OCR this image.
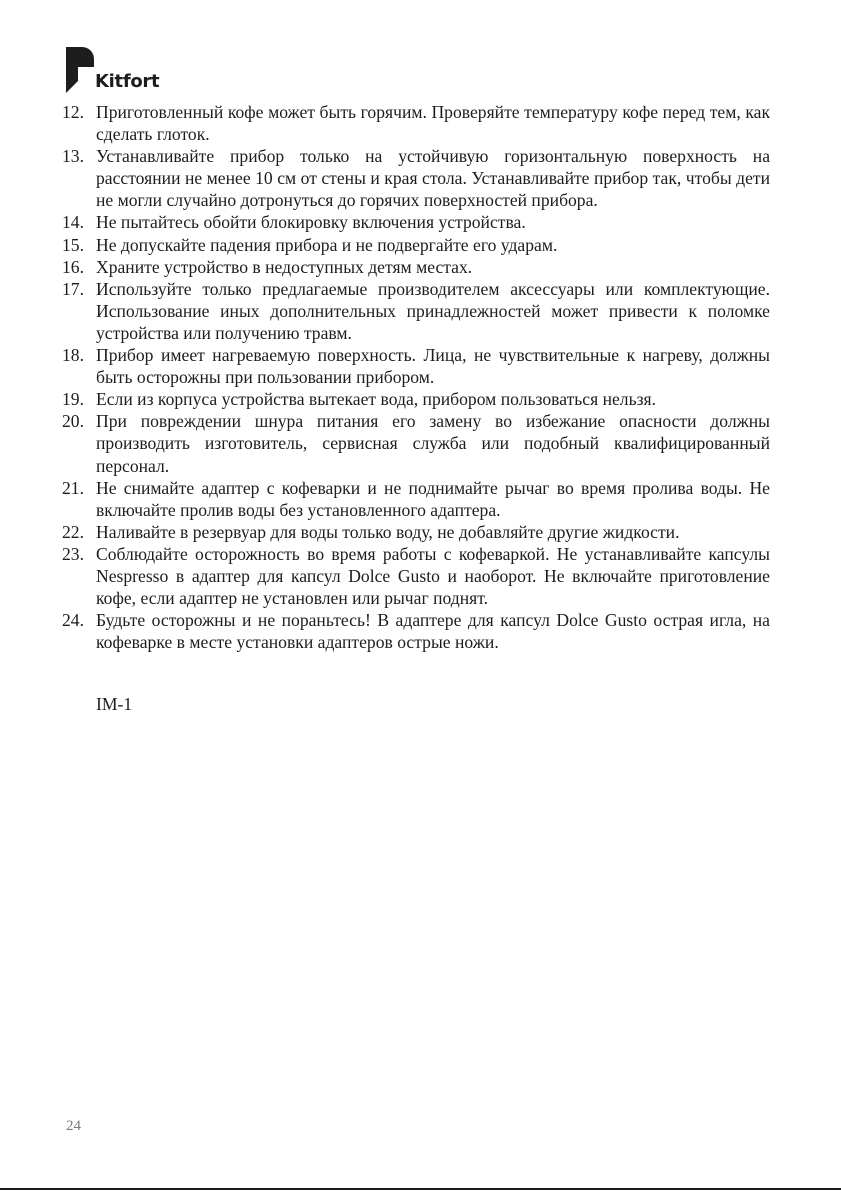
Kitfort
12. Приготовленный кофе может быть горячим. Проверяйте температуру кофе перед тем, как сделать глоток.
13. Устанавливайте прибор только на устойчивую горизонтальную поверхность на расстоянии не менее 10 см от стены и края стола. Устанавливайте прибор так, чтобы дети не могли случайно дотронуться до горячих поверхностей прибора.
14. Не пытайтесь обойти блокировку включения устройства.
15. Не допускайте падения прибора и не подвергайте его ударам.
16. Храните устройство в недоступных детям местах.
17. Используйте только предлагаемые производителем аксессуары или комплектующие. Использование иных дополнительных принадлежностей может привести к поломке устройства или получению травм.
18. Прибор имеет нагреваемую поверхность. Лица, не чувствительные к нагреву, должны быть осторожны при пользовании прибором.
19. Если из корпуса устройства вытекает вода, прибором пользоваться нельзя.
20. При повреждении шнура питания его замену во избежание опасности должны производить изготовитель, сервисная служба или подобный квалифицированный персонал.
21. Не снимайте адаптер с кофеварки и не поднимайте рычаг во время пролива воды. Не включайте пролив воды без установленного адаптера.
22. Наливайте в резервуар для воды только воду, не добавляйте другие жидкости.
23. Соблюдайте осторожность во время работы с кофеваркой. Не устанавливайте капсулы Nespresso в адаптер для капсул Dolce Gusto и наоборот. Не включайте приготовление кофе, если адаптер не установлен или рычаг поднят.
24. Будьте осторожны и не пораньтесь! В адаптере для капсул Dolce Gusto острая игла, на кофеварке в месте установки адаптеров острые ножи.
IM-1
24
